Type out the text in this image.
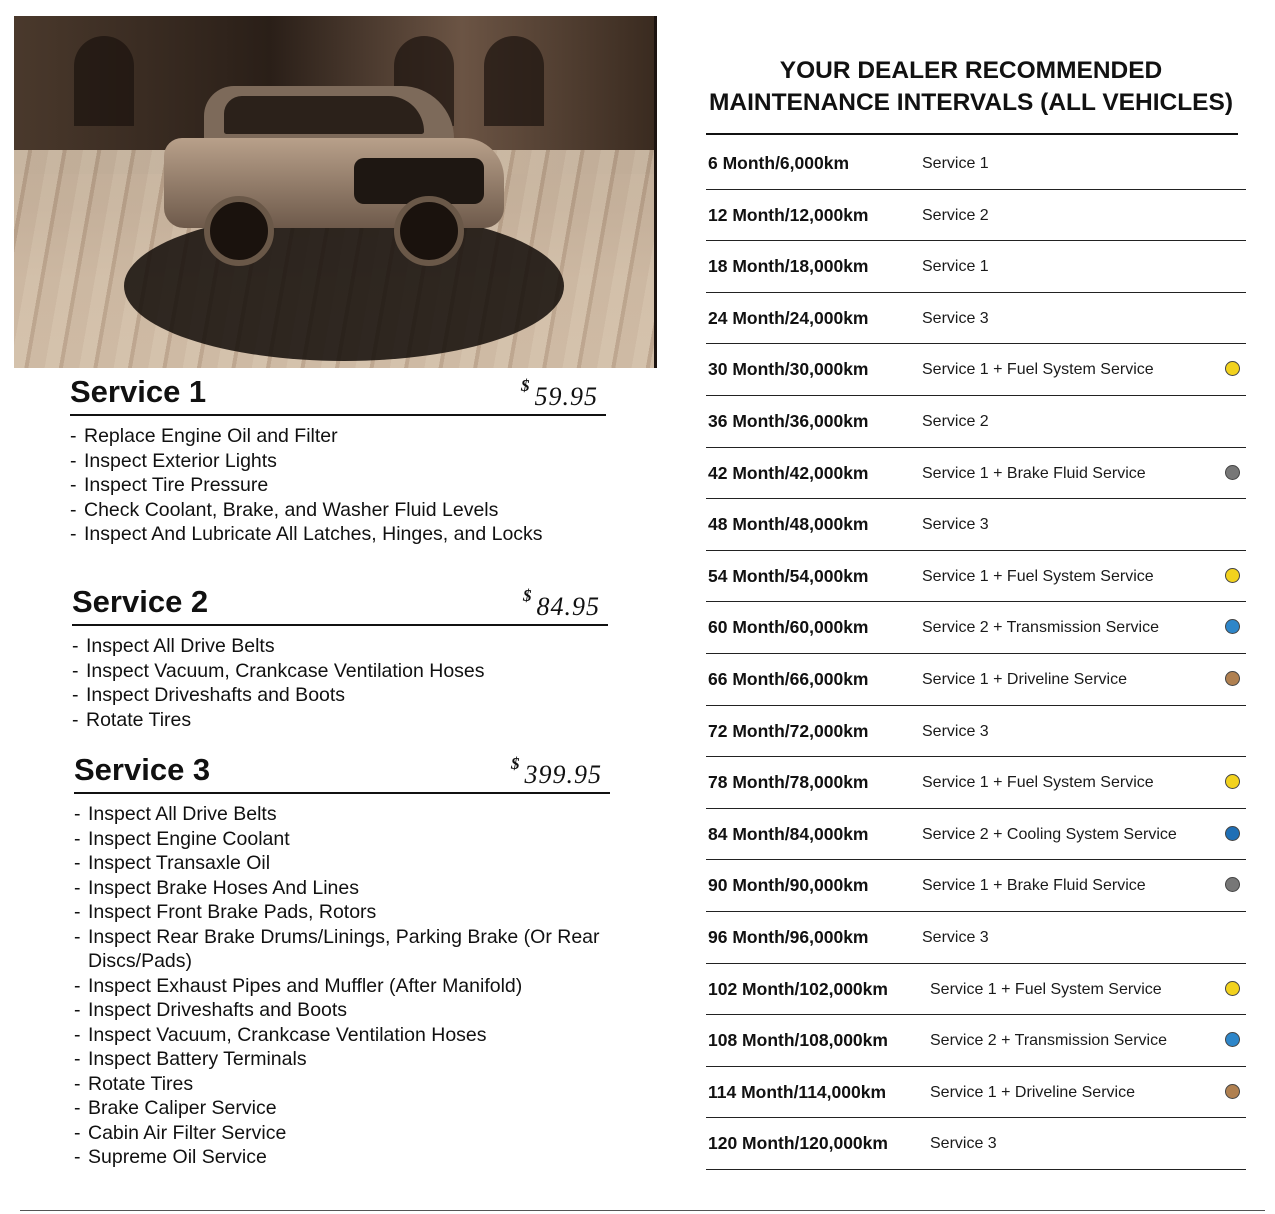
Service 1	$ 59.95
-Replace Engine Oil and Filter
-Inspect Exterior Lights
-Inspect Tire Pressure
-Check Coolant, Brake, and Washer Fluid Levels
-Inspect And Lubricate All Latches, Hinges, and Locks
Service 2	$ 84.95
-Inspect All Drive Belts
-Inspect Vacuum, Crankcase Ventilation Hoses
-Inspect Driveshafts and Boots
-Rotate Tires
Service 3	$ 399.95
-Inspect All Drive Belts
-Inspect Engine Coolant
-Inspect Transaxle Oil
-Inspect Brake Hoses And Lines
-Inspect Front Brake Pads, Rotors
-Inspect Rear Brake Drums/Linings, Parking Brake (Or Rear Discs/Pads)
-Inspect Exhaust Pipes and Muffler (After Manifold)
-Inspect Driveshafts and Boots
-Inspect Vacuum, Crankcase Ventilation Hoses
-Inspect Battery Terminals
-Rotate Tires
-Brake Caliper Service
-Cabin Air Filter Service
-Supreme Oil Service
YOUR DEALER RECOMMENDED
MAINTENANCE INTERVALS (ALL VEHICLES)
6 Month/6,000km	Service 1
12 Month/12,000km	Service 2
18 Month/18,000km	Service 1
24 Month/24,000km	Service 3
30 Month/30,000km	Service 1 + Fuel System Service
36 Month/36,000km	Service 2
42 Month/42,000km	Service 1 + Brake Fluid Service
48 Month/48,000km	Service 3
54 Month/54,000km	Service 1 + Fuel System Service
60 Month/60,000km	Service 2 + Transmission Service
66 Month/66,000km	Service 1 + Driveline Service
72 Month/72,000km	Service 3
78 Month/78,000km	Service 1 + Fuel System Service
84 Month/84,000km	Service 2 + Cooling System Service
90 Month/90,000km	Service 1 + Brake Fluid Service
96 Month/96,000km	Service 3
102 Month/102,000km	Service 1 + Fuel System Service
108 Month/108,000km	Service 2 + Transmission Service
114 Month/114,000km	Service 1 + Driveline Service
120 Month/120,000km	Service 3
